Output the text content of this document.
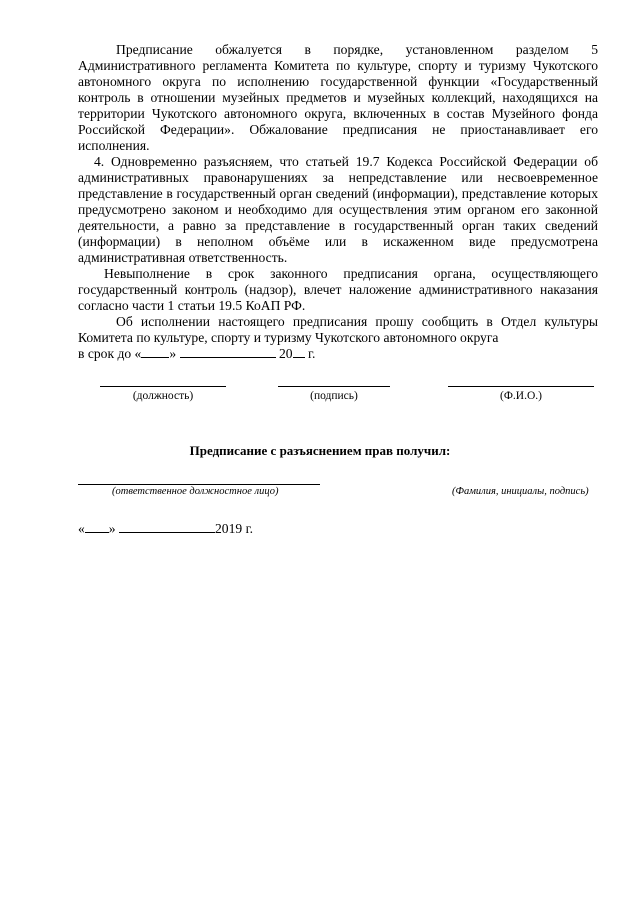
Предписание обжалуется в порядке, установленном разделом 5 Административного регламента Комитета по культуре, спорту и туризму Чукотского автономного округа по исполнению государственной функции «Государственный контроль в отношении музейных предметов и музейных коллекций, находящихся на территории Чукотского автономного округа, включенных в состав Музейного фонда Российской Федерации». Обжалование предписания не приостанавливает его исполнения.

4. Одновременно разъясняем, что статьей 19.7 Кодекса Российской Федерации об административных правонарушениях за непредставление или несвоевременное представление в государственный орган сведений (информации), представление которых предусмотрено законом и необходимо для осуществления этим органом его законной деятельности, а равно за представление в государственный орган таких сведений (информации) в неполном объёме или в искаженном виде предусмотрена административная ответственность.

Невыполнение в срок законного предписания органа, осуществляющего государственный контроль (надзор), влечет наложение административного наказания согласно части 1 статьи 19.5 КоАП РФ.

Об исполнении настоящего предписания прошу сообщить в Отдел культуры Комитета по культуре, спорту и туризму Чукотского автономного округа
в срок до « »	20 г.

(должность)	(подпись)	(Ф.И.О.)
Предписание с разъяснением прав получил:
(ответственное должностное лицо)	(Фамилия, инициалы, подпись)
« »	2019 г.
